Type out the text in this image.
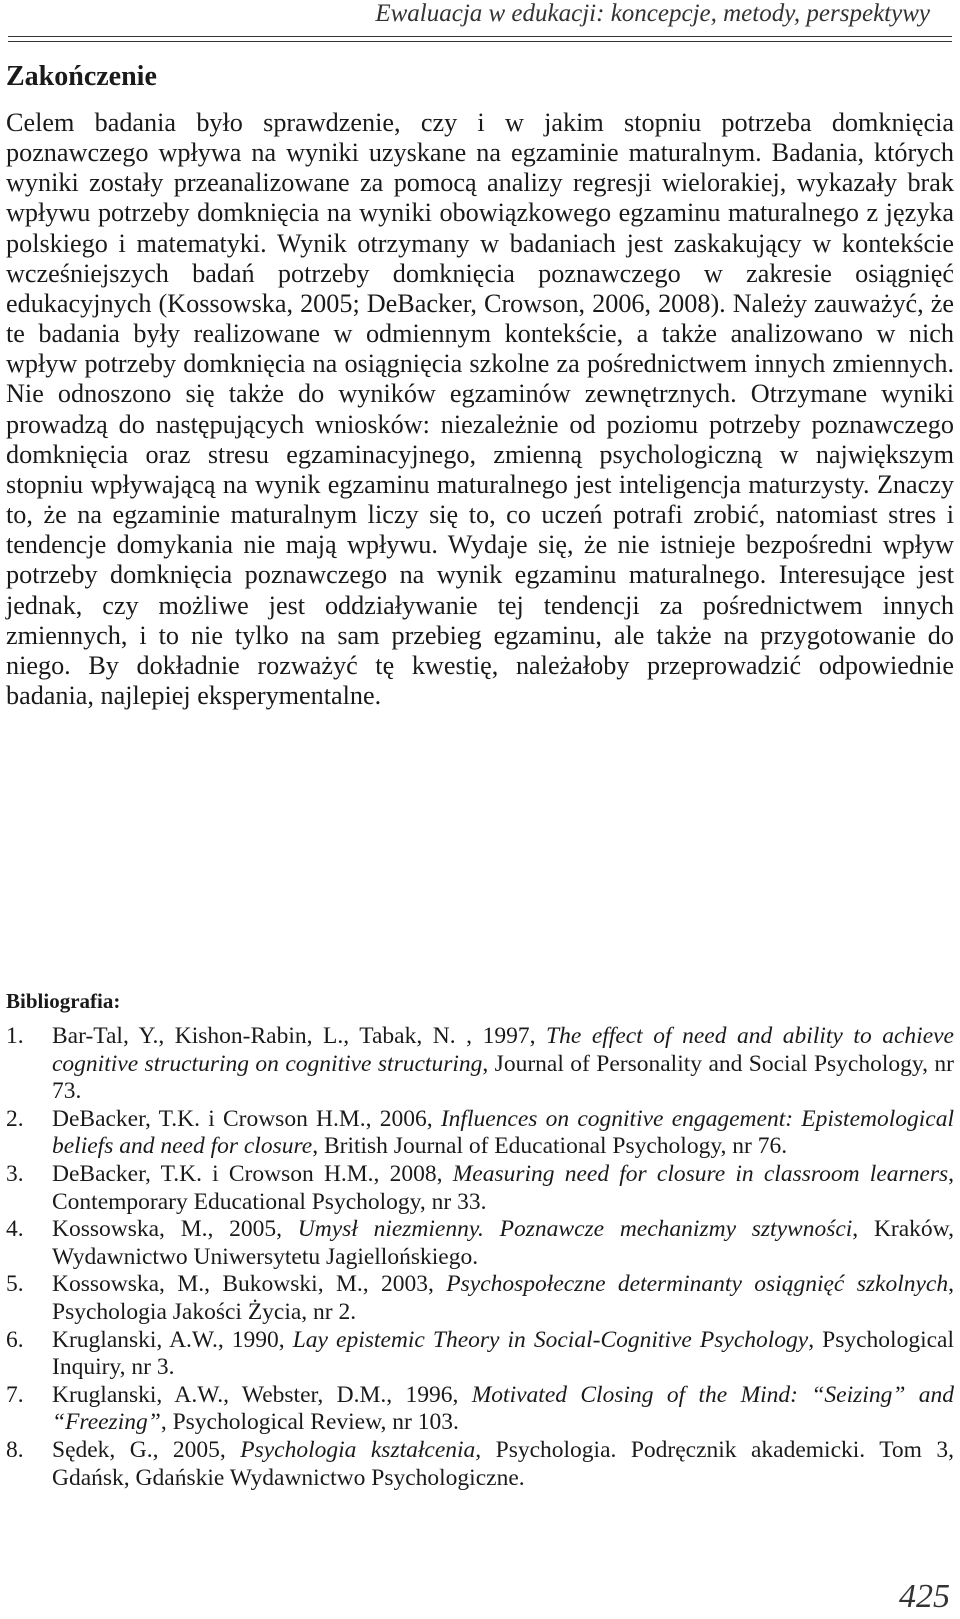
Ewaluacja w edukacji: koncepcje, metody, perspektywy
Zakończenie

Celem badania było sprawdzenie, czy i w jakim stopniu potrzeba domknięcia poznawczego wpływa na wyniki uzyskane na egzaminie maturalnym. Badania, których wyniki zostały przeanalizowane za pomocą analizy regresji wielorakiej, wykazały brak wpływu potrzeby domknięcia na wyniki obowiązkowego egzaminu maturalnego z języka polskiego i matematyki. Wynik otrzymany w badaniach jest zaskakujący w kontekście wcześniejszych badań potrzeby domknięcia poznawczego w zakresie osiągnięć edukacyjnych (Kossowska, 2005; DeBacker, Crowson, 2006, 2008). Należy zauważyć, że te badania były realizowane w odmiennym kontekście, a także analizowano w nich wpływ potrzeby domknięcia na osiągnięcia szkolne za pośrednictwem innych zmiennych. Nie odnoszono się także do wyników egzaminów zewnętrznych. Otrzymane wyniki prowadzą do następujących wniosków: niezależnie od poziomu potrzeby poznawczego domknięcia oraz stresu egzaminacyjnego, zmienną psychologiczną w największym stopniu wpływającą na wynik egzaminu maturalnego jest inteligencja maturzysty. Znaczy to, że na egzaminie maturalnym liczy się to, co uczeń potrafi zrobić, natomiast stres i tendencje domykania nie mają wpływu. Wydaje się, że nie istnieje bezpośredni wpływ potrzeby domknięcia poznawczego na wynik egzaminu maturalnego. Interesujące jest jednak, czy możliwe jest oddziaływanie tej tendencji za pośrednictwem innych zmiennych, i to nie tylko na sam przebieg egzaminu, ale także na przygotowanie do niego. By dokładnie rozważyć tę kwestię, należałoby przeprowadzić odpowiednie badania, najlepiej eksperymentalne.

Bibliografia:
1. Bar-Tal, Y., Kishon-Rabin, L., Tabak, N. , 1997, The effect of need and ability to achieve cognitive structuring on cognitive structuring, Journal of Personality and Social Psychology, nr 73.
2. DeBacker, T.K. i Crowson H.M., 2006, Influences on cognitive engagement: Epistemological beliefs and need for closure, British Journal of Educational Psychology, nr 76.
3. DeBacker, T.K. i Crowson H.M., 2008, Measuring need for closure in classroom learners, Contemporary Educational Psychology, nr 33.
4. Kossowska, M., 2005, Umysł niezmienny. Poznawcze mechanizmy sztywności, Kraków, Wydawnictwo Uniwersytetu Jagiellońskiego.
5. Kossowska, M., Bukowski, M., 2003, Psychospołeczne determinanty osiągnięć szkolnych, Psychologia Jakości Życia, nr 2.
6. Kruglanski, A.W., 1990, Lay epistemic Theory in Social-Cognitive Psychology, Psychological Inquiry, nr 3.
7. Kruglanski, A.W., Webster, D.M., 1996, Motivated Closing of the Mind: “Seizing” and “Freezing”, Psychological Review, nr 103.
8. Sędek, G., 2005, Psychologia kształcenia, Psychologia. Podręcznik akademicki. Tom 3, Gdańsk, Gdańskie Wydawnictwo Psychologiczne.
425
